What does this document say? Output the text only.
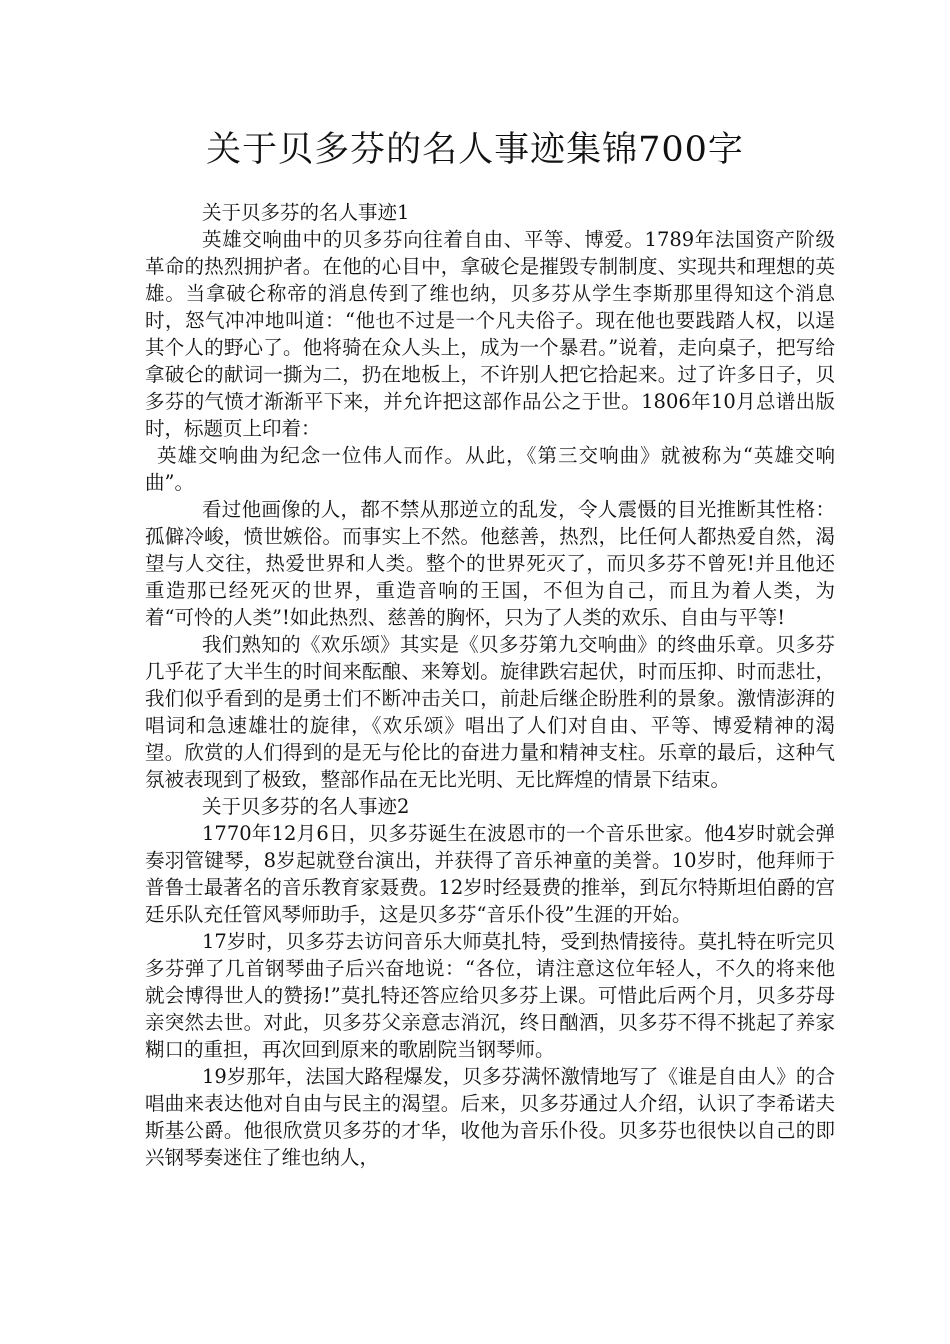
关于贝多芬的名人事迹集锦700字

关于贝多芬的名人事迹1

英雄交响曲中的贝多芬向往着自由、平等、博爱。1789年法国资产阶级革命的热烈拥护者。在他的心目中，拿破仑是摧毁专制制度、实现共和理想的英雄。当拿破仑称帝的消息传到了维也纳，贝多芬从学生李斯那里得知这个消息时，怒气冲冲地叫道：“他也不过是一个凡夫俗子。现在他也要践踏人权，以逞其个人的野心了。他将骑在众人头上，成为一个暴君。”说着，走向桌子，把写给拿破仑的献词一撕为二，扔在地板上，不许别人把它拾起来。过了许多日子，贝多芬的气愤才渐渐平下来，并允许把这部作品公之于世。1806年10月总谱出版时，标题页上印着：

英雄交响曲为纪念一位伟人而作。从此，《第三交响曲》就被称为“英雄交响曲”。

看过他画像的人，都不禁从那逆立的乱发，令人震慑的目光推断其性格：孤僻冷峻，愤世嫉俗。而事实上不然。他慈善，热烈，比任何人都热爱自然，渴望与人交往，热爱世界和人类。整个的世界死灭了，而贝多芬不曾死!并且他还重造那已经死灭的世界，重造音响的王国，不但为自己，而且为着人类，为着“可怜的人类”!如此热烈、慈善的胸怀，只为了人类的欢乐、自由与平等!

我们熟知的《欢乐颂》其实是《贝多芬第九交响曲》的终曲乐章。贝多芬几乎花了大半生的时间来酝酿、来筹划。旋律跌宕起伏，时而压抑、时而悲壮，我们似乎看到的是勇士们不断冲击关口，前赴后继企盼胜利的景象。激情澎湃的唱词和急速雄壮的旋律，《欢乐颂》唱出了人们对自由、平等、博爱精神的渴望。欣赏的人们得到的是无与伦比的奋进力量和精神支柱。乐章的最后，这种气氛被表现到了极致，整部作品在无比光明、无比辉煌的情景下结束。

关于贝多芬的名人事迹2

1770年12月6日，贝多芬诞生在波恩市的一个音乐世家。他4岁时就会弹奏羽管键琴，8岁起就登台演出，并获得了音乐神童的美誉。10岁时，他拜师于普鲁士最著名的音乐教育家聂费。12岁时经聂费的推举，到瓦尔特斯坦伯爵的宫廷乐队充任管风琴师助手，这是贝多芬“音乐仆役”生涯的开始。

17岁时，贝多芬去访问音乐大师莫扎特，受到热情接待。莫扎特在听完贝多芬弹了几首钢琴曲子后兴奋地说：“各位，请注意这位年轻人，不久的将来他就会博得世人的赞扬!”莫扎特还答应给贝多芬上课。可惜此后两个月，贝多芬母亲突然去世。对此，贝多芬父亲意志消沉，终日酗酒，贝多芬不得不挑起了养家糊口的重担，再次回到原来的歌剧院当钢琴师。

19岁那年，法国大路程爆发，贝多芬满怀激情地写了《谁是自由人》的合唱曲来表达他对自由与民主的渴望。后来，贝多芬通过人介绍，认识了李希诺夫斯基公爵。他很欣赏贝多芬的才华，收他为音乐仆役。贝多芬也很快以自己的即兴钢琴奏迷住了维也纳人，
